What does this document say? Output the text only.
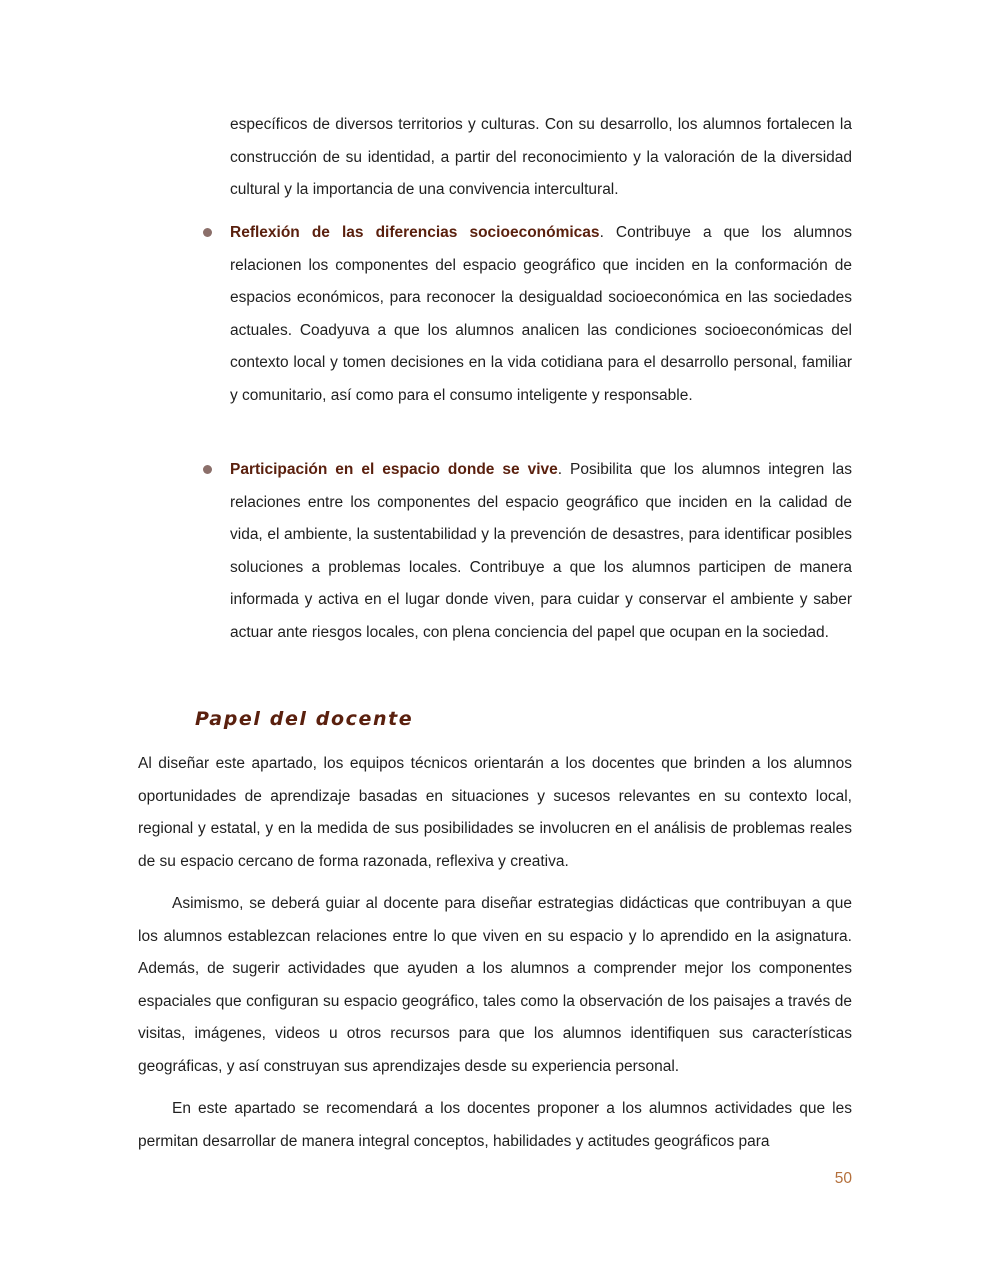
específicos de diversos territorios y culturas. Con su desarrollo, los alumnos fortalecen la construcción de su identidad, a partir del reconocimiento y la valoración de la diversidad cultural y la importancia de una convivencia intercultural.

Reflexión de las diferencias socioeconómicas. Contribuye a que los alumnos relacionen los componentes del espacio geográfico que inciden en la conformación de espacios económicos, para reconocer la desigualdad socioeconómica en las sociedades actuales. Coadyuva a que los alumnos analicen las condiciones socioeconómicas del contexto local y tomen decisiones en la vida cotidiana para el desarrollo personal, familiar y comunitario, así como para el consumo inteligente y responsable.

Participación en el espacio donde se vive. Posibilita que los alumnos integren las relaciones entre los componentes del espacio geográfico que inciden en la calidad de vida, el ambiente, la sustentabilidad y la prevención de desastres, para identificar posibles soluciones a problemas locales. Contribuye a que los alumnos participen de manera informada y activa en el lugar donde viven, para cuidar y conservar el ambiente y saber actuar ante riesgos locales, con plena conciencia del papel que ocupan en la sociedad.

Papel del docente

Al diseñar este apartado, los equipos técnicos orientarán a los docentes que brinden a los alumnos oportunidades de aprendizaje basadas en situaciones y sucesos relevantes en su contexto local, regional y estatal, y en la medida de sus posibilidades se involucren en el análisis de problemas reales de su espacio cercano de forma razonada, reflexiva y creativa.

Asimismo, se deberá guiar al docente para diseñar estrategias didácticas que contribuyan a que los alumnos establezcan relaciones entre lo que viven en su espacio y lo aprendido en la asignatura. Además, de sugerir actividades que ayuden a los alumnos a comprender mejor los componentes espaciales que configuran su espacio geográfico, tales como la observación de los paisajes a través de visitas, imágenes, videos u otros recursos para que los alumnos identifiquen sus características geográficas, y así construyan sus aprendizajes desde su experiencia personal.

En este apartado se recomendará a los docentes proponer a los alumnos actividades que les permitan desarrollar de manera integral conceptos, habilidades y actitudes geográficos para

50
